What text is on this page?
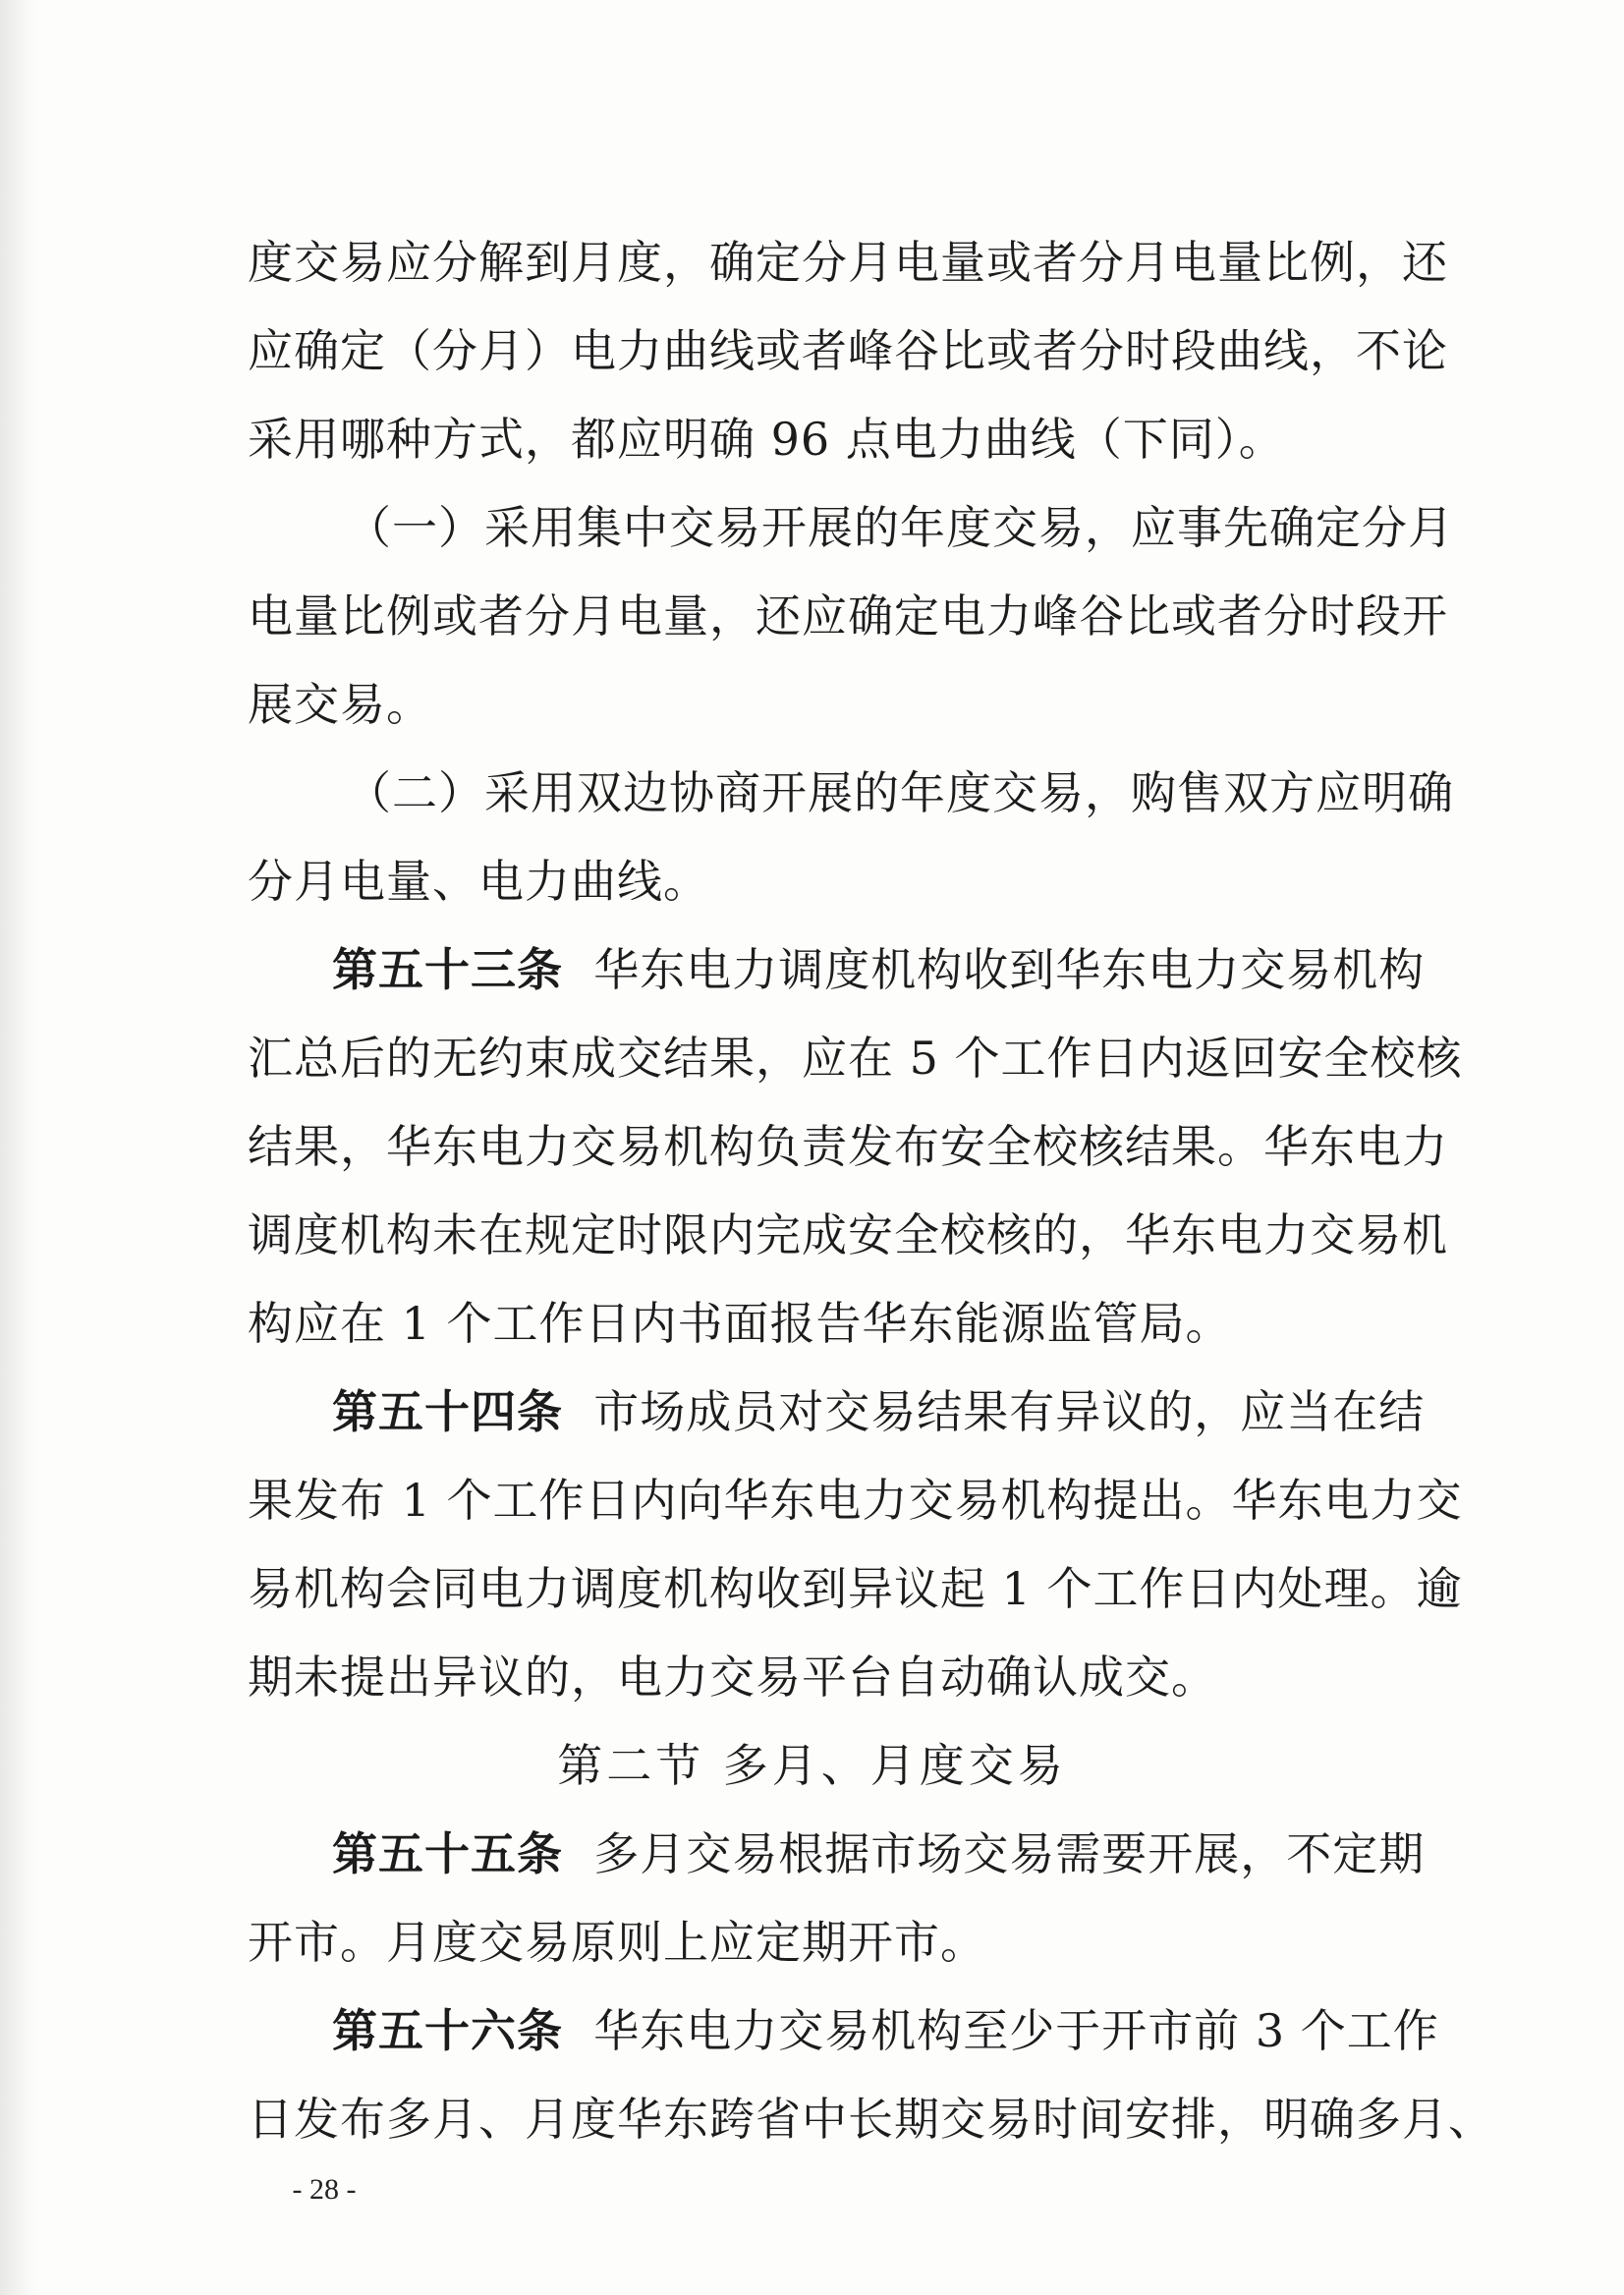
度交易应分解到月度，确定分月电量或者分月电量比例，还
应确定（分月）电力曲线或者峰谷比或者分时段曲线，不论
采用哪种方式，都应明确 96 点电力曲线（下同）。
（一）采用集中交易开展的年度交易，应事先确定分月
电量比例或者分月电量，还应确定电力峰谷比或者分时段开
展交易。
（二）采用双边协商开展的年度交易，购售双方应明确
分月电量、电力曲线。
第五十三条 华东电力调度机构收到华东电力交易机构
汇总后的无约束成交结果，应在 5 个工作日内返回安全校核
结果，华东电力交易机构负责发布安全校核结果。华东电力
调度机构未在规定时限内完成安全校核的，华东电力交易机
构应在 1 个工作日内书面报告华东能源监管局。
第五十四条 市场成员对交易结果有异议的，应当在结
果发布 1 个工作日内向华东电力交易机构提出。华东电力交
易机构会同电力调度机构收到异议起 1 个工作日内处理。逾
期未提出异议的，电力交易平台自动确认成交。
第二节 多月、月度交易
第五十五条 多月交易根据市场交易需要开展，不定期
开市。月度交易原则上应定期开市。
第五十六条 华东电力交易机构至少于开市前 3 个工作
日发布多月、月度华东跨省中长期交易时间安排，明确多月、
- 28 -
